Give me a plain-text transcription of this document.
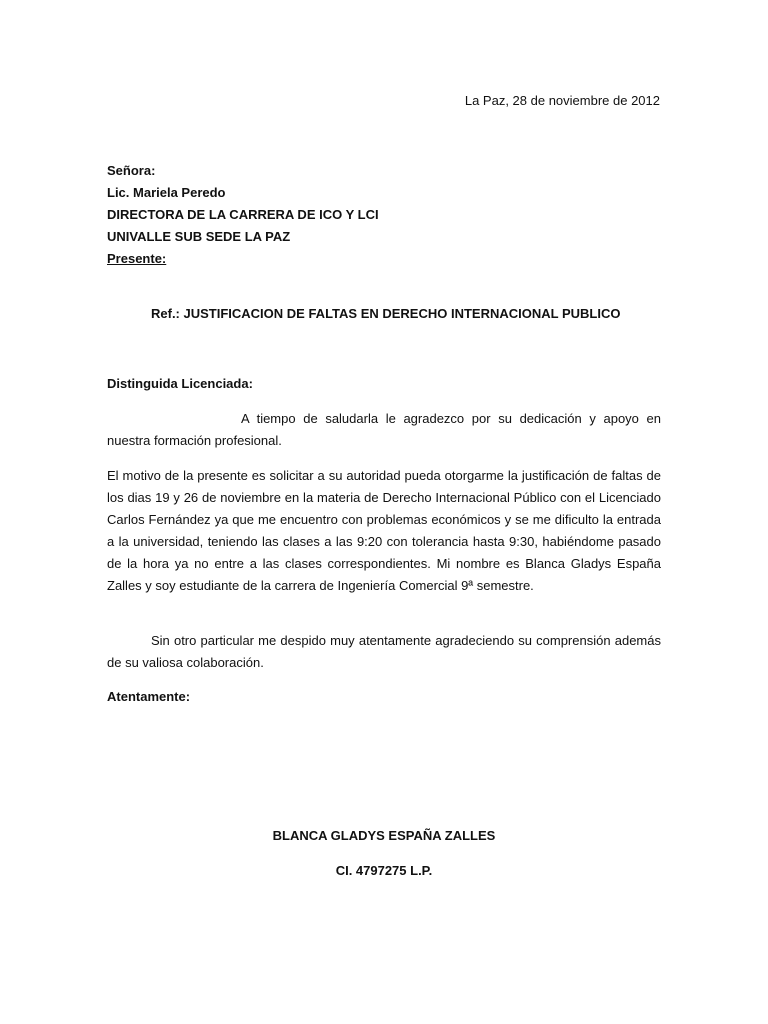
La Paz, 28 de noviembre de 2012
Señora:
Lic. Mariela Peredo
DIRECTORA DE LA CARRERA DE ICO Y LCI
UNIVALLE SUB SEDE LA PAZ
Presente:
Ref.: JUSTIFICACION DE FALTAS EN DERECHO INTERNACIONAL PUBLICO
Distinguida Licenciada:
A tiempo de saludarla le agradezco por su dedicación y apoyo en nuestra formación profesional.
El motivo de la presente es solicitar a su autoridad pueda otorgarme la justificación de faltas de los dias 19 y 26 de noviembre en la materia de Derecho Internacional Público con el Licenciado Carlos Fernández ya que me encuentro con problemas económicos y se me dificulto la entrada a la universidad, teniendo las clases a las 9:20 con tolerancia hasta 9:30, habiéndome pasado de la hora ya no entre a las clases correspondientes. Mi nombre es Blanca Gladys España Zalles y soy estudiante de la carrera de Ingeniería Comercial 9ª semestre.
Sin otro particular me despido muy atentamente agradeciendo su comprensión además de su valiosa colaboración.
Atentamente:
BLANCA GLADYS ESPAÑA ZALLES
CI. 4797275 L.P.
